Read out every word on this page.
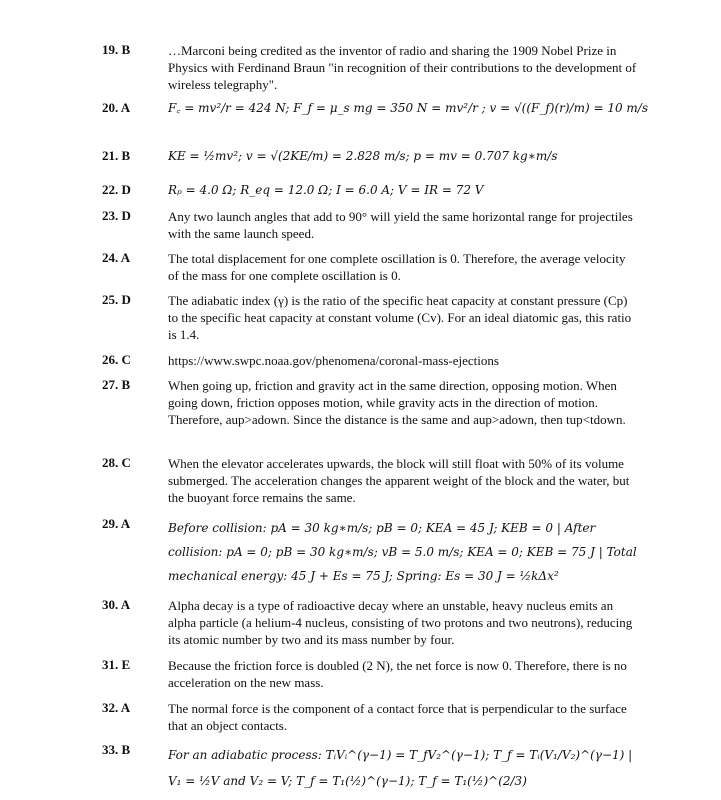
19. B	…Marconi being credited as the inventor of radio and sharing the 1909 Nobel Prize in Physics with Ferdinand Braun "in recognition of their contributions to the development of wireless telegraphy".
20. A	F꜀ = mv²/r = 424 N; F_f = μ_s mg = 350 N = mv²/r ; v = √((F_f)(r)/m) = 10 m/s
21. B	KE = ½mv²; v = √(2KE/m) = 2.828 m/s; p = mv = 0.707 kg∗m/s
22. D	Rₚ = 4.0 Ω; R_eq = 12.0 Ω; I = 6.0 A; V = IR = 72 V
23. D	Any two launch angles that add to 90° will yield the same horizontal range for projectiles with the same launch speed.
24. A	The total displacement for one complete oscillation is 0. Therefore, the average velocity of the mass for one complete oscillation is 0.
25. D	The adiabatic index (γ) is the ratio of the specific heat capacity at constant pressure (Cp) to the specific heat capacity at constant volume (Cv). For an ideal diatomic gas, this ratio is 1.4.
26. C	https://www.swpc.noaa.gov/phenomena/coronal-mass-ejections
27. B	When going up, friction and gravity act in the same direction, opposing motion. When going down, friction opposes motion, while gravity acts in the direction of motion. Therefore, aup>adown. Since the distance is the same and aup>adown, then tup<tdown.
28. C	When the elevator accelerates upwards, the block will still float with 50% of its volume submerged. The acceleration changes the apparent weight of the block and the water, but the buoyant force remains the same.
29. A	Before collision: pA = 30 kg∗m/s; pB = 0; KEA = 45 J; KEB = 0 | After collision: pA = 0; pB = 30 kg∗m/s; vB = 5.0 m/s; KEA = 0; KEB = 75 J | Total mechanical energy: 45 J + Es = 75 J; Spring: Es = 30 J = ½kΔx²
30. A	Alpha decay is a type of radioactive decay where an unstable, heavy nucleus emits an alpha particle (a helium-4 nucleus, consisting of two protons and two neutrons), reducing its atomic number by two and its mass number by four.
31. E	Because the friction force is doubled (2 N), the net force is now 0. Therefore, there is no acceleration on the new mass.
32. A	The normal force is the component of a contact force that is perpendicular to the surface that an object contacts.
33. B	For an adiabatic process: TᵢVᵢ^(γ−1) = T_fV₂^(γ−1); T_f = Tᵢ(V₁/V₂)^(γ−1) | V₁ = ½V and V₂ = V; T_f = T₁(½)^(γ−1); T_f = T₁(½)^(2/3)
